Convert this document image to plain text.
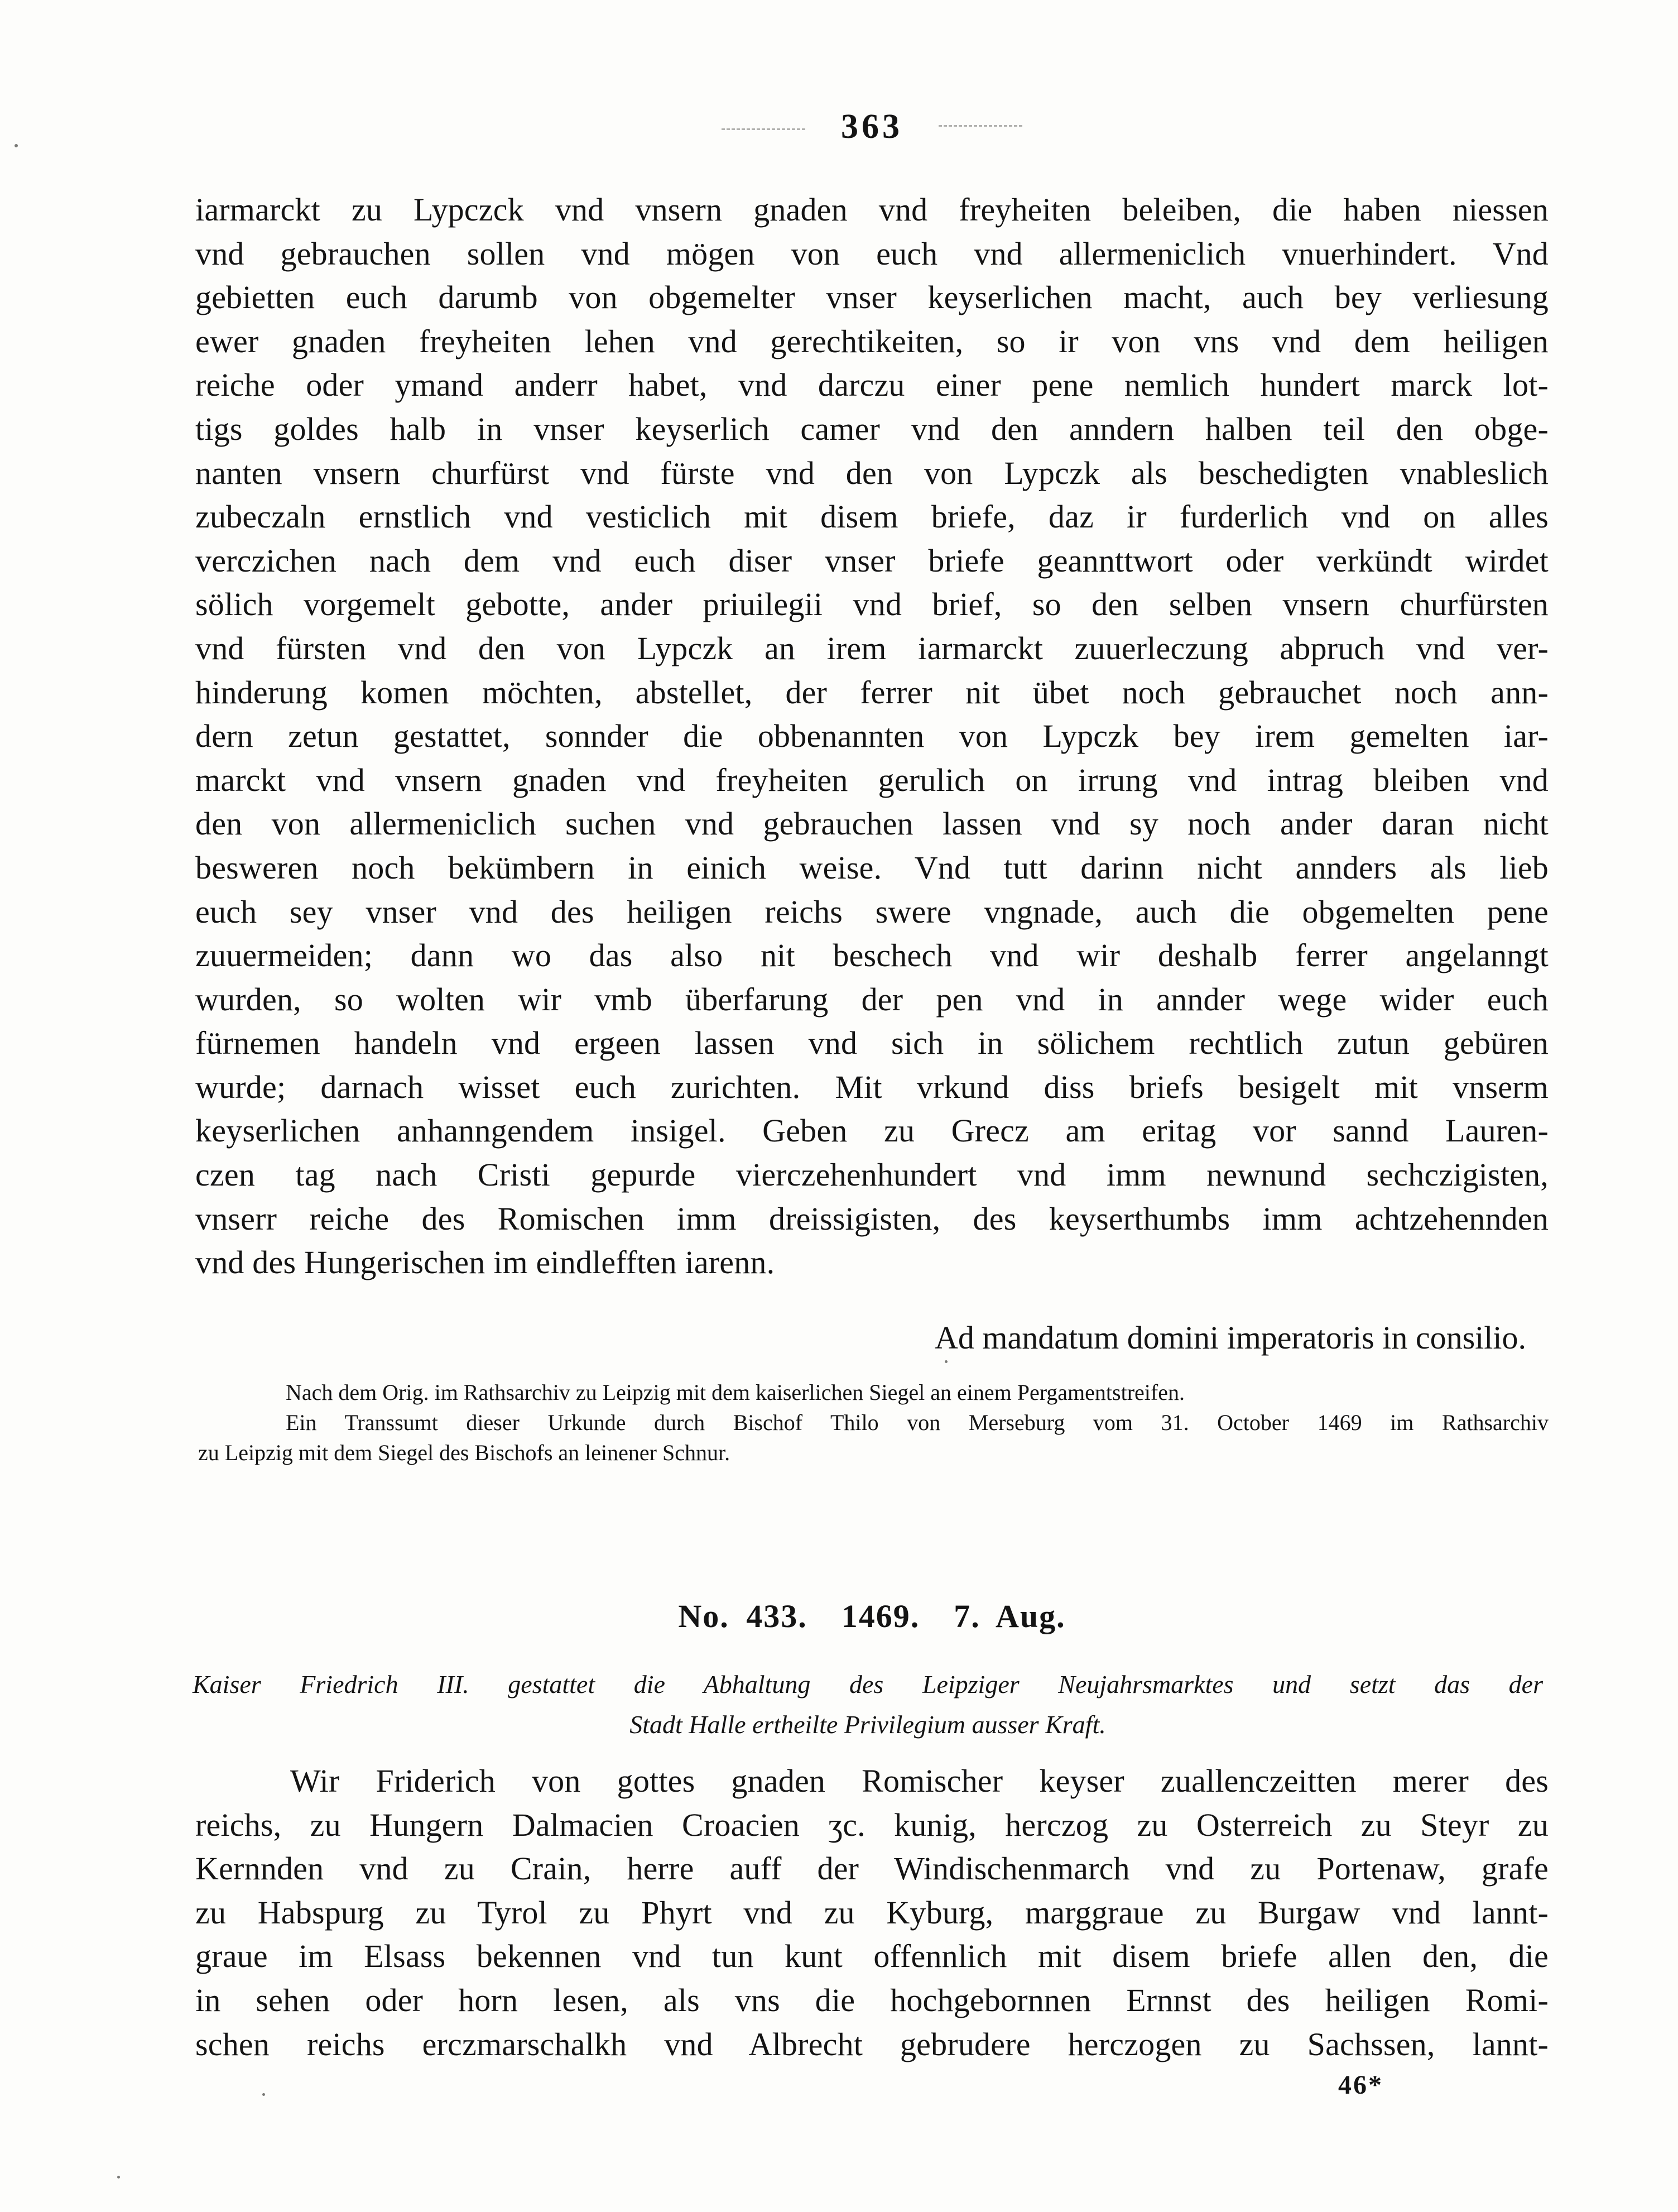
363
iarmarckt zu Lypczck vnd vnsern gnaden vnd freyheiten beleiben, die haben niessen
vnd gebrauchen sollen vnd mögen von euch vnd allermeniclich vnuerhindert. Vnd
gebietten euch darumb von obgemelter vnser keyserlichen macht, auch bey verliesung
ewer gnaden freyheiten lehen vnd gerechtikeiten, so ir von vns vnd dem heiligen
reiche oder ymand anderr habet, vnd darczu einer pene nemlich hundert marck lot-
tigs goldes halb in vnser keyserlich camer vnd den anndern halben teil den obge-
nanten vnsern churfürst vnd fürste vnd den von Lypczk als beschedigten vnableslich
zubeczaln ernstlich vnd vesticlich mit disem briefe, daz ir furderlich vnd on alles
verczichen nach dem vnd euch diser vnser briefe geannttwort oder verkündt wirdet
sölich vorgemelt gebotte, ander priuilegii vnd brief, so den selben vnsern churfürsten
vnd fürsten vnd den von Lypczk an irem iarmarckt zuuerleczung abpruch vnd ver-
hinderung komen möchten, abstellet, der ferrer nit übet noch gebrauchet noch ann-
dern zetun gestattet, sonnder die obbenannten von Lypczk bey irem gemelten iar-
marckt vnd vnsern gnaden vnd freyheiten gerulich on irrung vnd intrag bleiben vnd
den von allermeniclich suchen vnd gebrauchen lassen vnd sy noch ander daran nicht
besweren noch bekümbern in einich weise. Vnd tutt darinn nicht annders als lieb
euch sey vnser vnd des heiligen reichs swere vngnade, auch die obgemelten pene
zuuermeiden; dann wo das also nit beschech vnd wir deshalb ferrer angelanngt
wurden, so wolten wir vmb überfarung der pen vnd in annder wege wider euch
fürnemen handeln vnd ergeen lassen vnd sich in sölichem rechtlich zutun gebüren
wurde; darnach wisset euch zurichten. Mit vrkund diss briefs besigelt mit vnserm
keyserlichen anhanngendem insigel. Geben zu Grecz am eritag vor sannd Lauren-
czen tag nach Cristi gepurde vierczehenhundert vnd imm newnund sechczigisten,
vnserr reiche des Romischen imm dreissigisten, des keyserthumbs imm achtzehennden
vnd des Hungerischen im eindlefften iarenn.
Ad mandatum domini imperatoris in consilio.
Nach dem Orig. im Rathsarchiv zu Leipzig mit dem kaiserlichen Siegel an einem Pergamentstreifen.
Ein Transsumt dieser Urkunde durch Bischof Thilo von Merseburg vom 31. October 1469 im Rathsarchiv
zu Leipzig mit dem Siegel des Bischofs an leinener Schnur.
No. 433.  1469.  7. Aug.
Kaiser Friedrich III. gestattet die Abhaltung des Leipziger Neujahrsmarktes und setzt das der
Stadt Halle ertheilte Privilegium ausser Kraft.
Wir Friderich von gottes gnaden Romischer keyser zuallenczeitten merer des
reichs, zu Hungern Dalmacien Croacien ʒc. kunig, herczog zu Osterreich zu Steyr zu
Kernnden vnd zu Crain, herre auff der Windischenmarch vnd zu Portenaw, grafe
zu Habspurg zu Tyrol zu Phyrt vnd zu Kyburg, marggraue zu Burgaw vnd lannt-
graue im Elsass bekennen vnd tun kunt offennlich mit disem briefe allen den, die
in sehen oder horn lesen, als vns die hochgebornnen Ernnst des heiligen Romi-
schen reichs erczmarschalkh vnd Albrecht gebrudere herczogen zu Sachssen, lannt-
46*
